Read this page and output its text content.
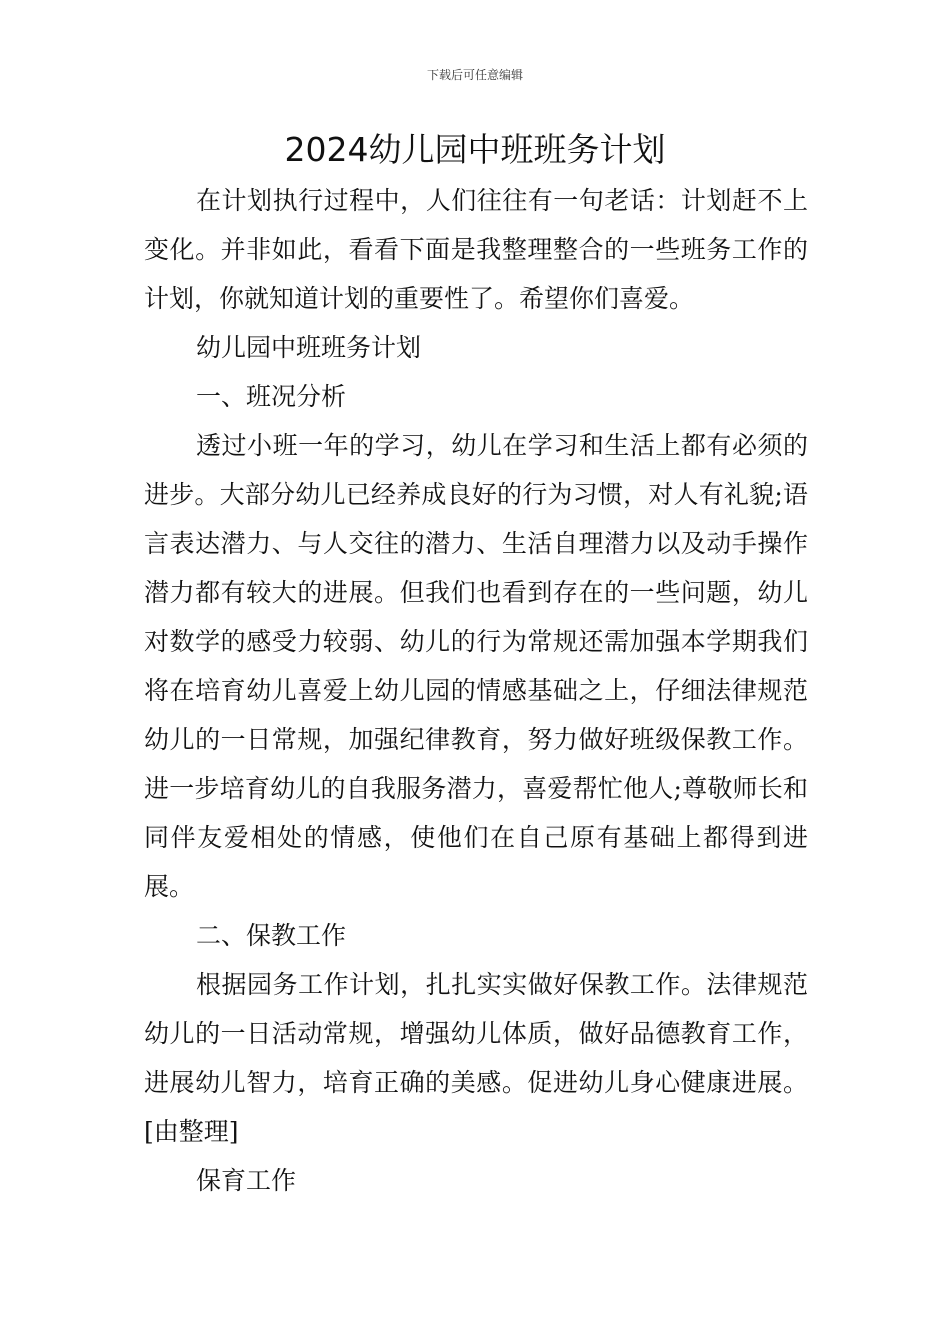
下载后可任意编辑
2024幼儿园中班班务计划

在计划执行过程中，人们往往有一句老话：计划赶不上变化。并非如此，看看下面是我整理整合的一些班务工作的计划，你就知道计划的重要性了。希望你们喜爱。

幼儿园中班班务计划

一、班况分析

透过小班一年的学习，幼儿在学习和生活上都有必须的进步。大部分幼儿已经养成良好的行为习惯，对人有礼貌;语言表达潜力、与人交往的潜力、生活自理潜力以及动手操作潜力都有较大的进展。但我们也看到存在的一些问题，幼儿对数学的感受力较弱、幼儿的行为常规还需加强本学期我们将在培育幼儿喜爱上幼儿园的情感基础之上，仔细法律规范幼儿的一日常规，加强纪律教育，努力做好班级保教工作。进一步培育幼儿的自我服务潜力，喜爱帮忙他人;尊敬师长和同伴友爱相处的情感，使他们在自己原有基础上都得到进展。

二、保教工作

根据园务工作计划，扎扎实实做好保教工作。法律规范幼儿的一日活动常规，增强幼儿体质，做好品德教育工作，进展幼儿智力，培育正确的美感。促进幼儿身心健康进展。[由整理]

保育工作
